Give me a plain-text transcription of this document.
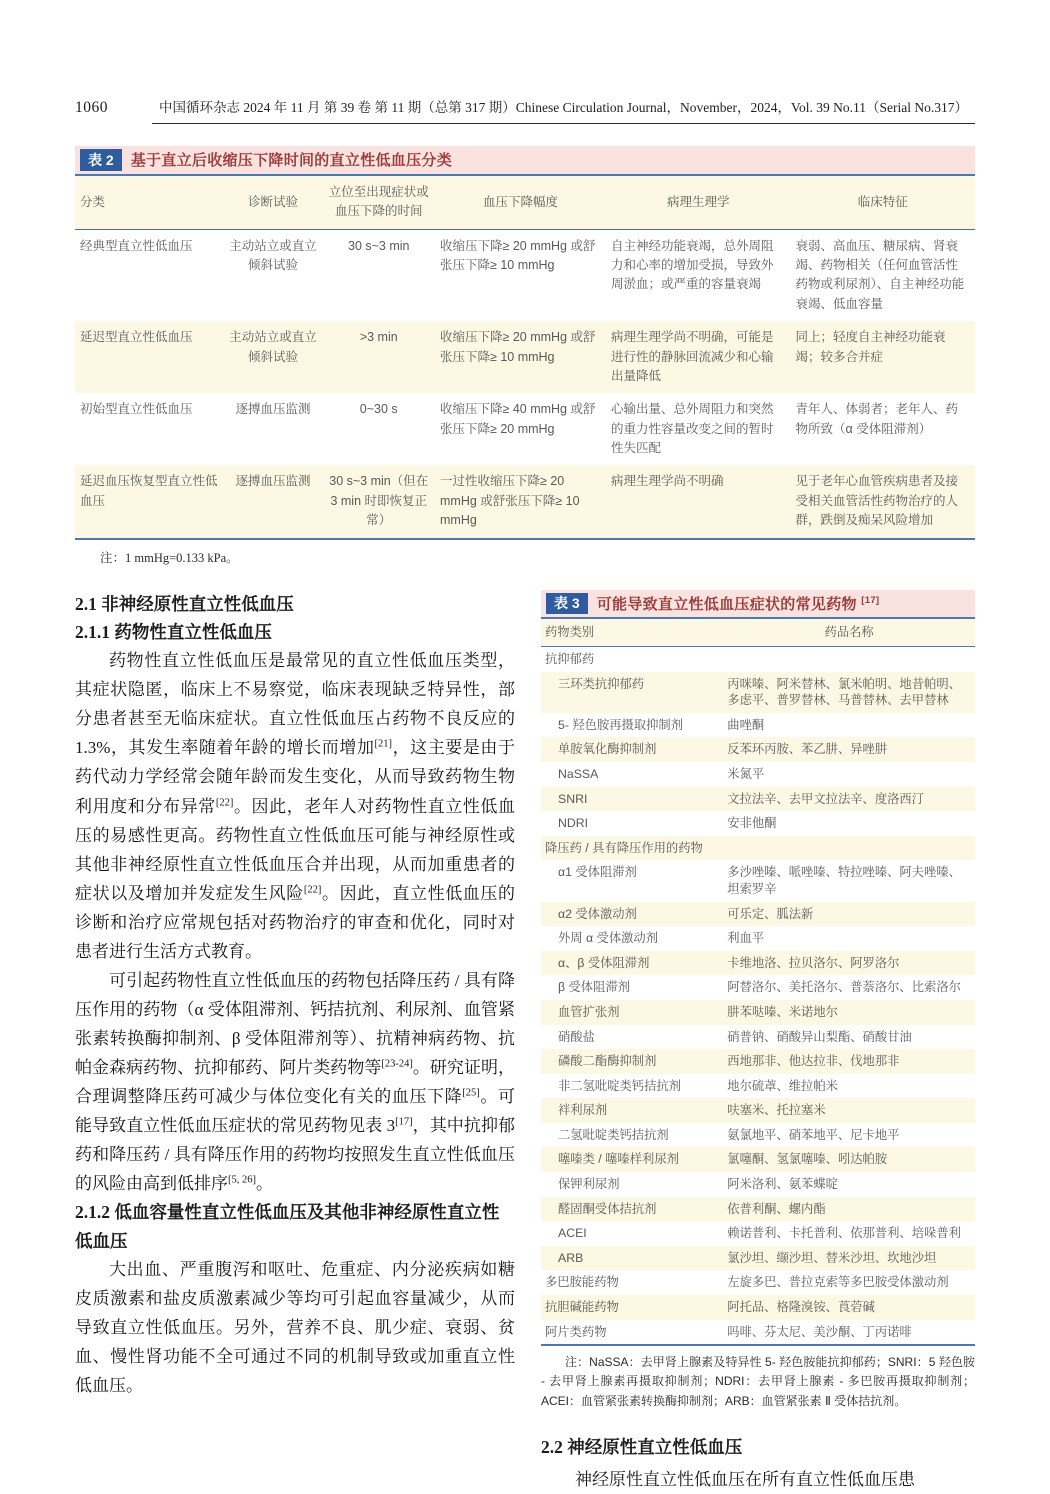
1060	中国循环杂志 2024 年 11 月 第 39 卷 第 11 期（总第 317 期）Chinese Circulation Journal，November，2024，Vol. 39 No.11（Serial No.317）
表 2	基于直立后收缩压下降时间的直立性低血压分类
分类	诊断试验	立位至出现症状或血压下降的时间	血压下降幅度	病理生理学	临床特征
经典型直立性低血压	主动站立或直立倾斜试验	30 s~3 min	收缩压下降≥ 20 mmHg 或舒张压下降≥ 10 mmHg	自主神经功能衰竭，总外周阻力和心率的增加受损，导致外周淤血；或严重的容量衰竭	衰弱、高血压、糖尿病、肾衰竭、药物相关（任何血管活性药物或利尿剂）、自主神经功能衰竭、低血容量
延迟型直立性低血压	主动站立或直立倾斜试验	>3 min	收缩压下降≥ 20 mmHg 或舒张压下降≥ 10 mmHg	病理生理学尚不明确，可能是进行性的静脉回流减少和心输出量降低	同上；轻度自主神经功能衰竭；较多合并症
初始型直立性低血压	逐搏血压监测	0~30 s	收缩压下降≥ 40 mmHg 或舒张压下降≥ 20 mmHg	心输出量、总外周阻力和突然的重力性容量改变之间的暂时性失匹配	青年人、体弱者；老年人、药物所致（α 受体阻滞剂）
延迟血压恢复型直立性低血压	逐搏血压监测	30 s~3 min（但在 3 min 时即恢复正常）	一过性收缩压下降≥ 20 mmHg 或舒张压下降≥ 10 mmHg	病理生理学尚不明确	见于老年心血管疾病患者及接受相关血管活性药物治疗的人群，跌倒及痴呆风险增加
注：1 mmHg=0.133 kPa。
2.1 非神经原性直立性低血压
2.1.1 药物性直立性低血压

药物性直立性低血压是最常见的直立性低血压类型，其症状隐匿，临床上不易察觉，临床表现缺乏特异性，部分患者甚至无临床症状。直立性低血压占药物不良反应的 1.3%，其发生率随着年龄的增长而增加[21]，这主要是由于药代动力学经常会随年龄而发生变化，从而导致药物生物利用度和分布异常[22]。因此，老年人对药物性直立性低血压的易感性更高。药物性直立性低血压可能与神经原性或其他非神经原性直立性低血压合并出现，从而加重患者的症状以及增加并发症发生风险[22]。因此，直立性低血压的诊断和治疗应常规包括对药物治疗的审查和优化，同时对患者进行生活方式教育。

可引起药物性直立性低血压的药物包括降压药 / 具有降压作用的药物（α 受体阻滞剂、钙拮抗剂、利尿剂、血管紧张素转换酶抑制剂、β 受体阻滞剂等）、抗精神病药物、抗帕金森病药物、抗抑郁药、阿片类药物等[23-24]。研究证明，合理调整降压药可减少与体位变化有关的血压下降[25]。可能导致直立性低血压症状的常见药物见表 3[17]，其中抗抑郁药和降压药 / 具有降压作用的药物均按照发生直立性低血压的风险由高到低排序[5, 26]。

2.1.2 低血容量性直立性低血压及其他非神经原性直立性低血压

大出血、严重腹泻和呕吐、危重症、内分泌疾病如糖皮质激素和盐皮质激素减少等均可引起血容量减少，从而导致直立性低血压。另外，营养不良、肌少症、衰弱、贫血、慢性肾功能不全可通过不同的机制导致或加重直立性低血压。

表 3	可能导致直立性低血压症状的常见药物 [17]
药物类别	药品名称
抗抑郁药	
三环类抗抑郁药	丙咪嗪、阿米替林、氯米帕明、地昔帕明、多虑平、普罗替林、马普替林、去甲替林
5- 羟色胺再摄取抑制剂	曲唑酮
单胺氧化酶抑制剂	反苯环丙胺、苯乙肼、异唑肼
NaSSA	米氮平
SNRI	文拉法辛、去甲文拉法辛、度洛西汀
NDRI	安非他酮
降压药 / 具有降压作用的药物	
α1 受体阻滞剂	多沙唑嗪、哌唑嗪、特拉唑嗪、阿夫唑嗪、坦索罗辛
α2 受体激动剂	可乐定、胍法新
外周 α 受体激动剂	利血平
α、β 受体阻滞剂	卡维地洛、拉贝洛尔、阿罗洛尔
β 受体阻滞剂	阿替洛尔、美托洛尔、普萘洛尔、比索洛尔
血管扩张剂	肼苯哒嗪、米诺地尔
硝酸盐	硝普钠、硝酸异山梨酯、硝酸甘油
磷酸二酯酶抑制剂	西地那非、他达拉非、伐地那非
非二氢吡啶类钙拮抗剂	地尔硫䓬、维拉帕米
袢利尿剂	呋塞米、托拉塞米
二氢吡啶类钙拮抗剂	氨氯地平、硝苯地平、尼卡地平
噻嗪类 / 噻嗪样利尿剂	氯噻酮、氢氯噻嗪、吲达帕胺
保钾利尿剂	阿米洛利、氨苯蝶啶
醛固酮受体拮抗剂	依普利酮、螺内酯
ACEI	赖诺普利、卡托普利、依那普利、培哚普利
ARB	氯沙坦、缬沙坦、替米沙坦、坎地沙坦
多巴胺能药物	左旋多巴、普拉克索等多巴胺受体激动剂
抗胆碱能药物	阿托品、格隆溴铵、莨菪碱
阿片类药物	吗啡、芬太尼、美沙酮、丁丙诺啡
注：NaSSA：去甲肾上腺素及特异性 5- 羟色胺能抗抑郁药；SNRI：5 羟色胺 - 去甲肾上腺素再摄取抑制剂；NDRI：去甲肾上腺素 - 多巴胺再摄取抑制剂；ACEI：血管紧张素转换酶抑制剂；ARB：血管紧张素 Ⅱ 受体拮抗剂。
2.2 神经原性直立性低血压

神经原性直立性低血压在所有直立性低血压患
